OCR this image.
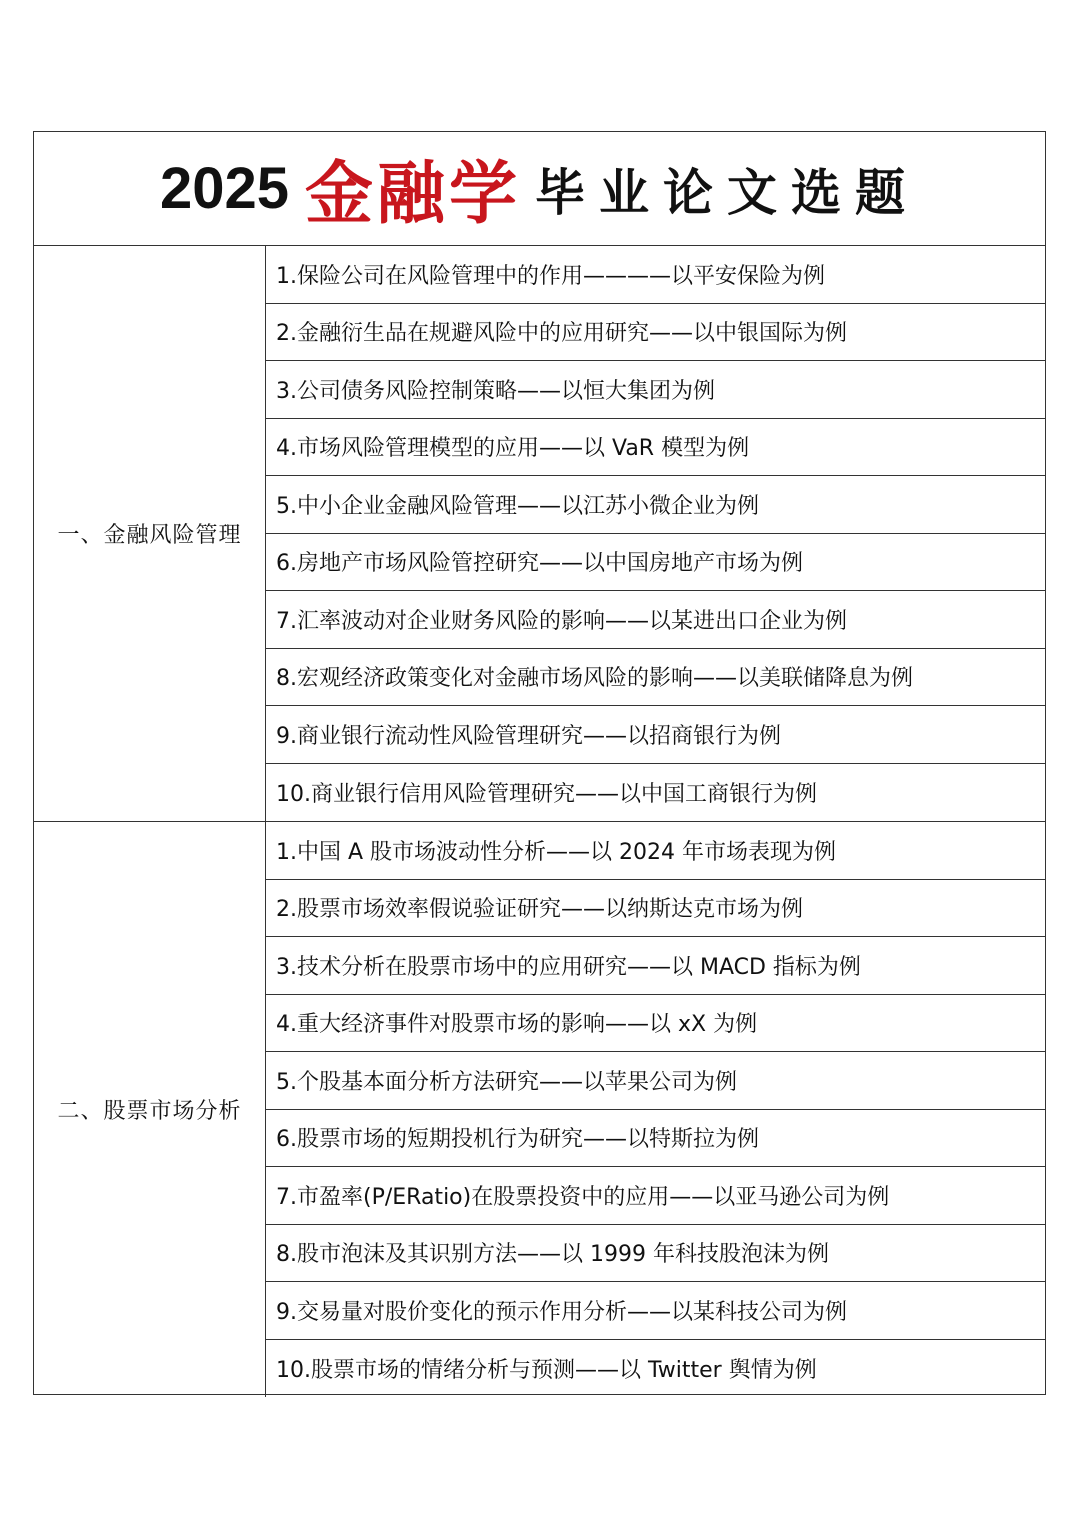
2025 金融学 毕业论文选题
一、金融风险管理
1.保险公司在风险管理中的作用————以平安保险为例
2.金融衍生品在规避风险中的应用研究——以中银国际为例
3.公司债务风险控制策略——以恒大集团为例
4.市场风险管理模型的应用——以 VaR 模型为例
5.中小企业金融风险管理——以江苏小微企业为例
6.房地产市场风险管控研究——以中国房地产市场为例
7.汇率波动对企业财务风险的影响——以某进出口企业为例
8.宏观经济政策变化对金融市场风险的影响——以美联储降息为例
9.商业银行流动性风险管理研究——以招商银行为例
10.商业银行信用风险管理研究——以中国工商银行为例
二、股票市场分析
1.中国 A 股市场波动性分析——以 2024 年市场表现为例
2.股票市场效率假说验证研究——以纳斯达克市场为例
3.技术分析在股票市场中的应用研究——以 MACD 指标为例
4.重大经济事件对股票市场的影响——以 xX 为例
5.个股基本面分析方法研究——以苹果公司为例
6.股票市场的短期投机行为研究——以特斯拉为例
7.市盈率(P/ERatio)在股票投资中的应用——以亚马逊公司为例
8.股市泡沫及其识别方法——以 1999 年科技股泡沫为例
9.交易量对股价变化的预示作用分析——以某科技公司为例
10.股票市场的情绪分析与预测——以 Twitter 舆情为例
